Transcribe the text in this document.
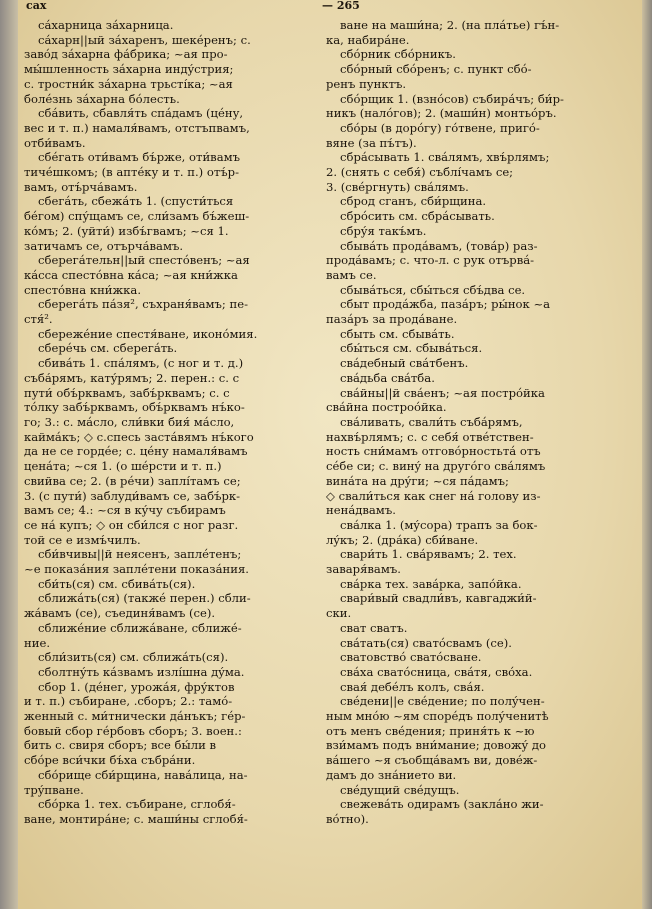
сах	— 265
сáхарница зáхарница.
сáхарн||ый зáхаренъ, шекéренъ; с.
завóд зáхарна фáбрика; ~ая про-
мы́шленность зáхарна индýстрия;
с. тростни́к зáхарна трьстíка; ~ая
болéзнь зáхарна бóлесть.
сбáвить, сбавля́ть спáдамъ (цéну,
вес и т. п.) намаля́вамъ, отстъпвамъ,
отби́вамъ.
сбéгать оти́вамъ бъ́рже, оти́вамъ
тичéшкомъ; (в аптéку и т. п.) отъ́р-
вамъ, отъ́рча́вамъ.
сбегáть, сбежáть 1. (спусти́ться
бéгом) спу́щамъ се, сли́замъ бъ́жеш-
кóмъ; 2. (уйти́) избъ́гвамъ; ~ся 1.
затичамъ се, отърча́вамъ.
сберегáтельн||ый спестóвенъ; ~ая
кáсса спестóвна кáса; ~ая кни́жка
спестóвна кни́жка.
сберегáть пáзя², съхраня́вамъ; пе-
стя́².
сбережéние спестя́ване, иконóмия.
сберéчь см. сберегáть.
сбивáть 1. спáлямъ, (с ног и т. д.)
съба́рямъ, катýрямъ; 2. перен.: с. с
пути́ объ́рквамъ, забъ́рквамъ; с. с
тóлку забъ́рквамъ, объ́рквамъ нъ́ко-
го; 3.: с. мáсло, сли́вки бия́ мáсло,
каймáкъ; ◇ с.спесь застáвямъ нъ́кого
да не се гордéе; с. цéну намаля́вамъ
ценáта; ~ся 1. (о шéрсти и т. п.)
свийва се; 2. (в рéчи) заплíтамъ се;
3. (с пути́) заблуди́вамъ се, забъ́рк-
вамъ се; 4.: ~ся в кýчу събирамъ
се нá купъ; ◇ он сби́лся с ног разг.
той се е измъ́чилъ.
сби́вчивы||й неясенъ, заплéтенъ;
~е показáния заплéтени показáния.
сби́ть(ся) см. сбивáть(ся).
сближáть(ся) (такжé перен.) сбли-
жáвамъ (се), съединя́вамъ (се).
сближéние сближáване, сближé-
ние.
сбли́зить(ся) см. сближáть(ся).
сболтнýть кáзвамъ излíшна дýма.
сбор 1. (дéнег, урожáя, фрýктов
и т. п.) събиране, .сборъ; 2.: тамó-
женный с. ми́тнически дáнъкъ; гéр-
бовый сбор гéрбовъ сборъ; 3. воен.:
бить с. свиря сборъ; все бы́ли в
сбóре вси́чки бъ́ха събрáни.
сбóрище сби́рщина, навáлица, на-
трýпване.
сбóрка 1. тех. събиране, сглобя́-
ване, монтирáне; с. маши́ны сглобя́-
ване на маши́на; 2. (на плáтье) гъ́н-
ка, набирáне.
сбóрник сбóрникъ.
сбóрный сбóренъ; с. пункт сбó-
ренъ пунктъ.
сбóрщик 1. (взнóсов) събирáчъ; би́р-
никъ (налóгов); 2. (маши́н) монтьóръ.
сбóры (в дорóгу) гóтвене, пригó-
вяне (за пъ́тъ).
сбрáсывать 1. свáлямъ, хвъ́рлямъ;
2. (снять с себя́) съблíчамъ се;
3. (свéргнуть) свáлямъ.
сброд сганъ, сби́рщина.
сбрóсить см. сбрáсывать.
сбрýя такъ́мъ.
сбывáть продáвамъ, (товáр) раз-
продáвамъ; с. что-л. с рук отървá-
вамъ се.
сбывáться, сбы́ться сбъ́два се.
сбыт продáжба, пазáръ; ры́нок ~а
пазáръ за продáване.
сбыть см. сбывáть.
сбы́ться см. сбывáться.
свáдебный свáтбенъ.
свáдьба свáтба.
свáйны||й свáенъ; ~ая пострóйка
свáйна построóйка.
свáливать, свали́ть събáрямъ,
нахвъ́рлямъ; с. с себя́ отвéтствен-
ность сни́мамъ отговóрностьтá отъ
сéбе си; с. винý на другóго свáлямъ
винáта на дрýги; ~ся пáдамъ;
◇ свали́ться как снег нá голову из-
ненáдвамъ.
свáлка 1. (мýсора) трапъ за бок-
лýкъ; 2. (дрáка) сби́ване.
свари́ть 1. свáрявамъ; 2. тех.
заваря́вамъ.
свáрка тех. завáрка, запóйка.
свари́вый свадли́въ, кавгаджи́й-
ски.
сват сватъ.
свáтать(ся) сватóсвамъ (се).
сватовствó сватóсване.
свáха сватóсница, свáтя, свóха.
свая́ дебéлъ колъ, свáя.
свéдени||е свéдение; по полýчен-
ным мнóю ~ям спорéдъ полýченитѣ
отъ менъ свéдения; приня́ть к ~ю
взи́мамъ подъ вни́мание; довожý до
вáшего ~я съобщáвамъ ви, довéж-
дамъ до знáнието ви.
свéдущий свéдущъ.
свежевáть одирамъ (заклáно жи-
вóтно).
